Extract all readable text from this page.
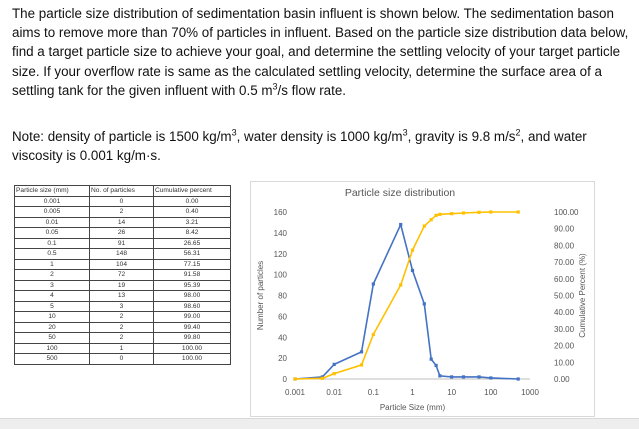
The particle size distribution of sedimentation basin influent is shown below. The sedimentation bason aims to remove more than 70% of particles in influent. Based on the particle size distribution data below, find a target particle size to achieve your goal, and determine the settling velocity of your target particle size. If your overflow rate is same as the calculated settling velocity, determine the surface area of a settling tank for the given influent with 0.5 $m^3/s$ flow rate.

Note: density of particle is 1500 $kg/m^3$, water density is 1000 $kg/m^3$, gravity is 9.8 $m/s^2$, and water viscosity is 0.001 kg/m·s.

Particle size (mm)	No. of particles	Cumulative percent
0.001	0	0.00
0.005	2	0.40
0.01	14	3.21
0.05	26	8.42
0.1	91	26.65
0.5	148	56.31
1	104	77.15
2	72	91.58
3	19	95.39
4	13	98.00
5	3	98.60
10	2	99.00
20	2	99.40
50	2	99.80
100	1	100.00
500	0	100.00
Particle size distribution
0.001	0.01	0.1	1	10	100	1000
Particle Size (mm)
0
20
40
60
80
100
120
140
160
Number of particles
0.00
10.00
20.00
30.00
40.00
50.00
60.00
70.00
80.00
90.00
100.00
Cumulative Percent (%)
